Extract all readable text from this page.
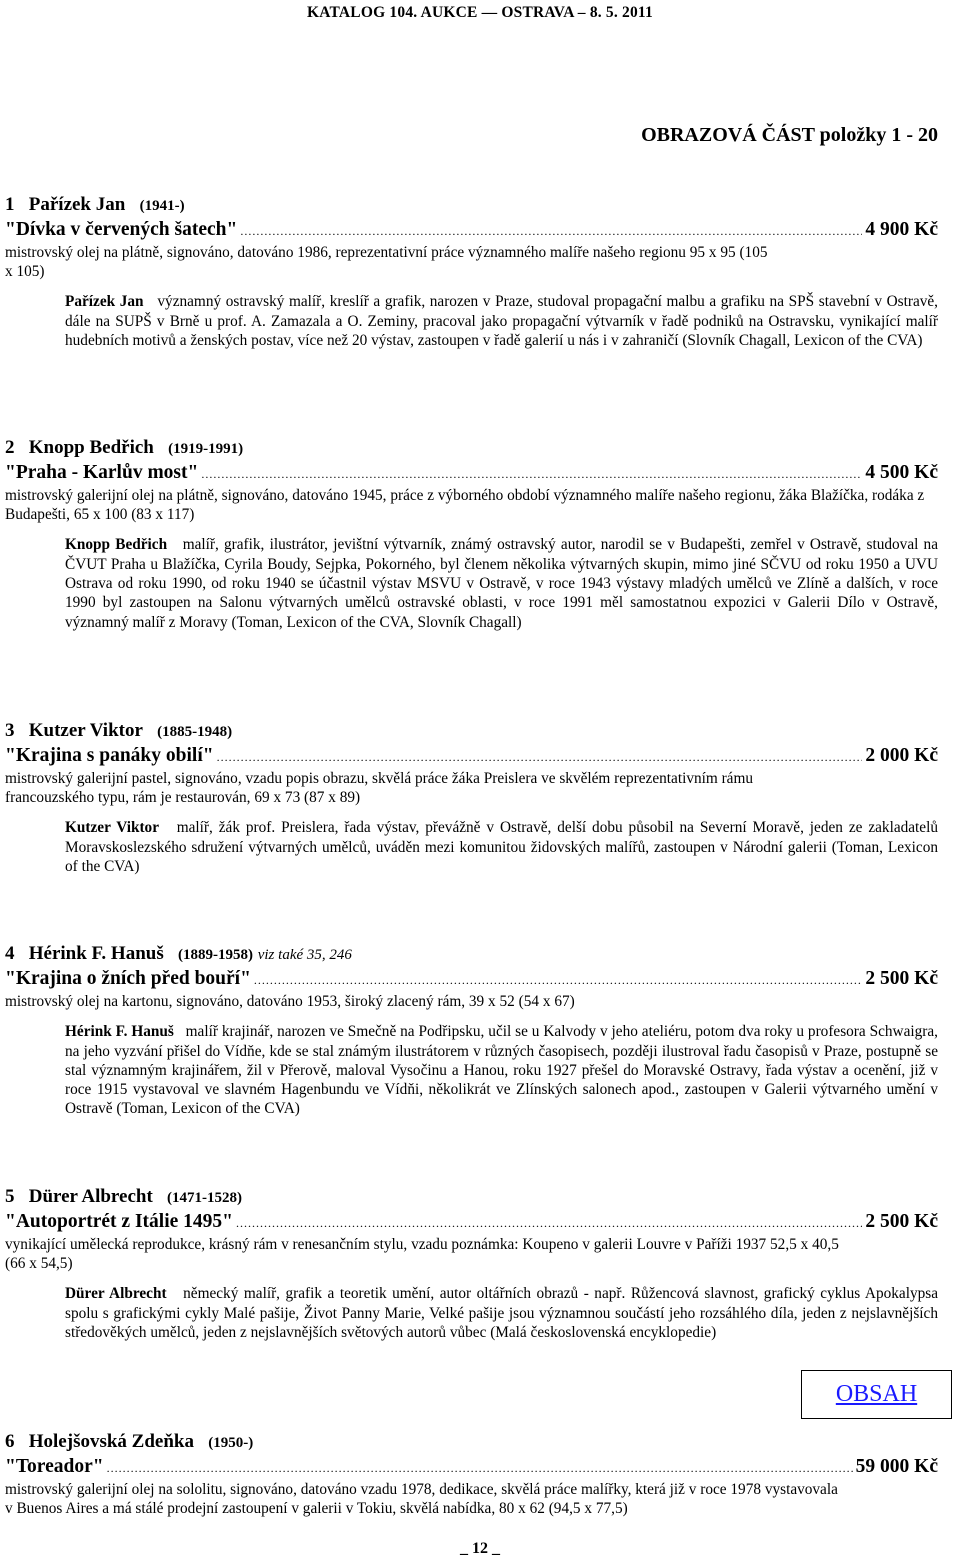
KATALOG 104. AUKCE — OSTRAVA – 8. 5. 2011
OBRAZOVÁ ČÁST položky 1 - 20
1 Pařízek Jan (1941-)
"Dívka v červených šatech" .....	4 900 Kč
mistrovský olej na plátně, signováno, datováno 1986, reprezentativní práce významného malíře našeho regionu 95 x 95 (105 x 105)
Pařízek Jan významný ostravský malíř, kreslíř a grafik, narozen v Praze, studoval propagační malbu a grafiku na SPŠ stavební v Ostravě, dále na SUPŠ v Brně u prof. A. Zamazala a O. Zeminy, pracoval jako propagační výtvarník v řadě podniků na Ostravsku, vynikající malíř hudebních motivů a ženských postav, více než 20 výstav, zastoupen v řadě galerií u nás i v zahraničí (Slovník Chagall, Lexicon of the CVA)
2 Knopp Bedřich (1919-1991)
"Praha - Karlův most" .....	4 500 Kč
mistrovský galerijní olej na plátně, signováno, datováno 1945, práce z výborného období významného malíře našeho regionu, žáka Blažíčka, rodáka z Budapešti, 65 x 100 (83 x 117)
Knopp Bedřich malíř, grafik, ilustrátor, jevištní výtvarník, známý ostravský autor, narodil se v Budapešti, zemřel v Ostravě, studoval na ČVUT Praha u Blažíčka, Cyrila Boudy, Sejpka, Pokorného, byl členem několika výtvarných skupin, mimo jiné SČVU od roku 1950 a UVU Ostrava od roku 1990, od roku 1940 se účastnil výstav MSVU v Ostravě, v roce 1943 výstavy mladých umělců ve Zlíně a dalších, v roce 1990 byl zastoupen na Salonu výtvarných umělců ostravské oblasti, v roce 1991 měl samostatnou expozici v Galerii Dílo v Ostravě, významný malíř z Moravy (Toman, Lexicon of the CVA, Slovník Chagall)
3 Kutzer Viktor (1885-1948)
"Krajina s panáky obilí" .....	2 000 Kč
mistrovský galerijní pastel, signováno, vzadu popis obrazu, skvělá práce žáka Preislera ve skvělém reprezentativním rámu francouzského typu, rám je restaurován, 69 x 73 (87 x 89)
Kutzer Viktor malíř, žák prof. Preislera, řada výstav, převážně v Ostravě, delší dobu působil na Severní Moravě, jeden ze zakladatelů Moravskoslezského sdružení výtvarných umělců, uváděn mezi komunitou židovských malířů, zastoupen v Národní galerii (Toman, Lexicon of the CVA)
4 Hérink F. Hanuš (1889-1958) viz také 35, 246
"Krajina o žních před bouří" .....	2 500 Kč
mistrovský olej na kartonu, signováno, datováno 1953, široký zlacený rám, 39 x 52 (54 x 67)
Hérink F. Hanuš malíř krajinář, narozen ve Smečně na Podřipsku, učil se u Kalvody v jeho ateliéru, potom dva roky u profesora Schwaigra, na jeho vyzvání přišel do Vídňe, kde se stal známým ilustrátorem v různých časopisech, později ilustroval řadu časopisů v Praze, postupně se stal významným krajinářem, žil v Přerově, maloval Vysočinu a Hanou, roku 1927 přešel do Moravské Ostravy, řada výstav a ocenění, již v roce 1915 vystavoval ve slavném Hagenbundu ve Vídňi, několikrát ve Zlínských salonech apod., zastoupen v Galerii výtvarného umění v Ostravě (Toman, Lexicon of the CVA)
5 Dürer Albrecht (1471-1528)
"Autoportrét z Itálie 1495" .....	2 500 Kč
vynikající umělecká reprodukce, krásný rám v renesančním stylu, vzadu poznámka: Koupeno v galerii Louvre v Paříži 1937 52,5 x 40,5 (66 x 54,5)
Dürer Albrecht německý malíř, grafik a teoretik umění, autor oltářních obrazů - např. Růžencová slavnost, grafický cyklus Apokalypsa spolu s grafickými cykly Malé pašije, Život Panny Marie, Velké pašije jsou významnou součástí jeho rozsáhlého díla, jeden z nejslavnějších středověkých umělců, jeden z nejslavnějších světových autorů vůbec (Malá československá encyklopedie)
OBSAH
6 Holejšovská Zdeňka (1950-)
"Toreador" .....	59 000 Kč
mistrovský galerijní olej na sololitu, signováno, datováno vzadu 1978, dedikace, skvělá práce malířky, která již v roce 1978 vystavovala v Buenos Aires a má stálé prodejní zastoupení v galerii v Tokiu, skvělá nabídka, 80 x 62 (94,5 x 77,5)
_ 12 _
